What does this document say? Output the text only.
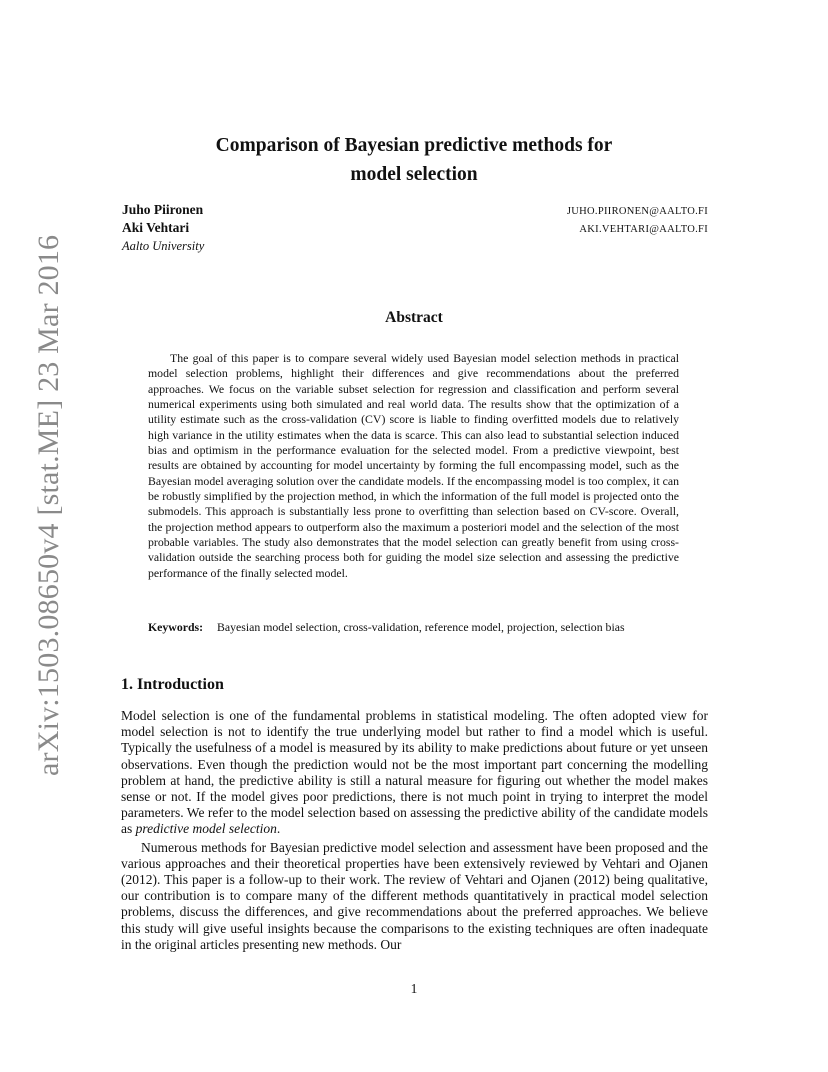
arXiv:1503.08650v4 [stat.ME] 23 Mar 2016
Comparison of Bayesian predictive methods for
model selection
Juho Piironen	JUHO.PIIRONEN@AALTO.FI
Aki Vehtari	AKI.VEHTARI@AALTO.FI
Aalto University
Abstract

The goal of this paper is to compare several widely used Bayesian model selection methods in practical model selection problems, highlight their differences and give recommendations about the preferred approaches. We focus on the variable subset selection for regression and classification and perform several numerical experiments using both simulated and real world data. The results show that the optimization of a utility estimate such as the cross-validation (CV) score is liable to finding overfitted models due to relatively high variance in the utility estimates when the data is scarce. This can also lead to substantial selection induced bias and optimism in the performance evaluation for the selected model. From a predictive viewpoint, best results are obtained by accounting for model uncertainty by forming the full encompassing model, such as the Bayesian model averaging solution over the candidate models. If the encompassing model is too complex, it can be robustly simplified by the projection method, in which the information of the full model is projected onto the submodels. This approach is substantially less prone to overfitting than selection based on CV-score. Overall, the projection method appears to outperform also the maximum a posteriori model and the selection of the most probable variables. The study also demonstrates that the model selection can greatly benefit from using cross-validation outside the searching process both for guiding the model size selection and assessing the predictive performance of the finally selected model.

Keywords: Bayesian model selection, cross-validation, reference model, projection, selection bias

1. Introduction

Model selection is one of the fundamental problems in statistical modeling. The often adopted view for model selection is not to identify the true underlying model but rather to find a model which is useful. Typically the usefulness of a model is measured by its ability to make predictions about future or yet unseen observations. Even though the prediction would not be the most important part concerning the modelling problem at hand, the predictive ability is still a natural measure for figuring out whether the model makes sense or not. If the model gives poor predictions, there is not much point in trying to interpret the model parameters. We refer to the model selection based on assessing the predictive ability of the candidate models as predictive model selection.

Numerous methods for Bayesian predictive model selection and assessment have been proposed and the various approaches and their theoretical properties have been extensively reviewed by Vehtari and Ojanen (2012). This paper is a follow-up to their work. The review of Vehtari and Ojanen (2012) being qualitative, our contribution is to compare many of the different methods quantitatively in practical model selection problems, discuss the differences, and give recommendations about the preferred approaches. We believe this study will give useful insights because the comparisons to the existing techniques are often inadequate in the original articles presenting new methods. Our

1
